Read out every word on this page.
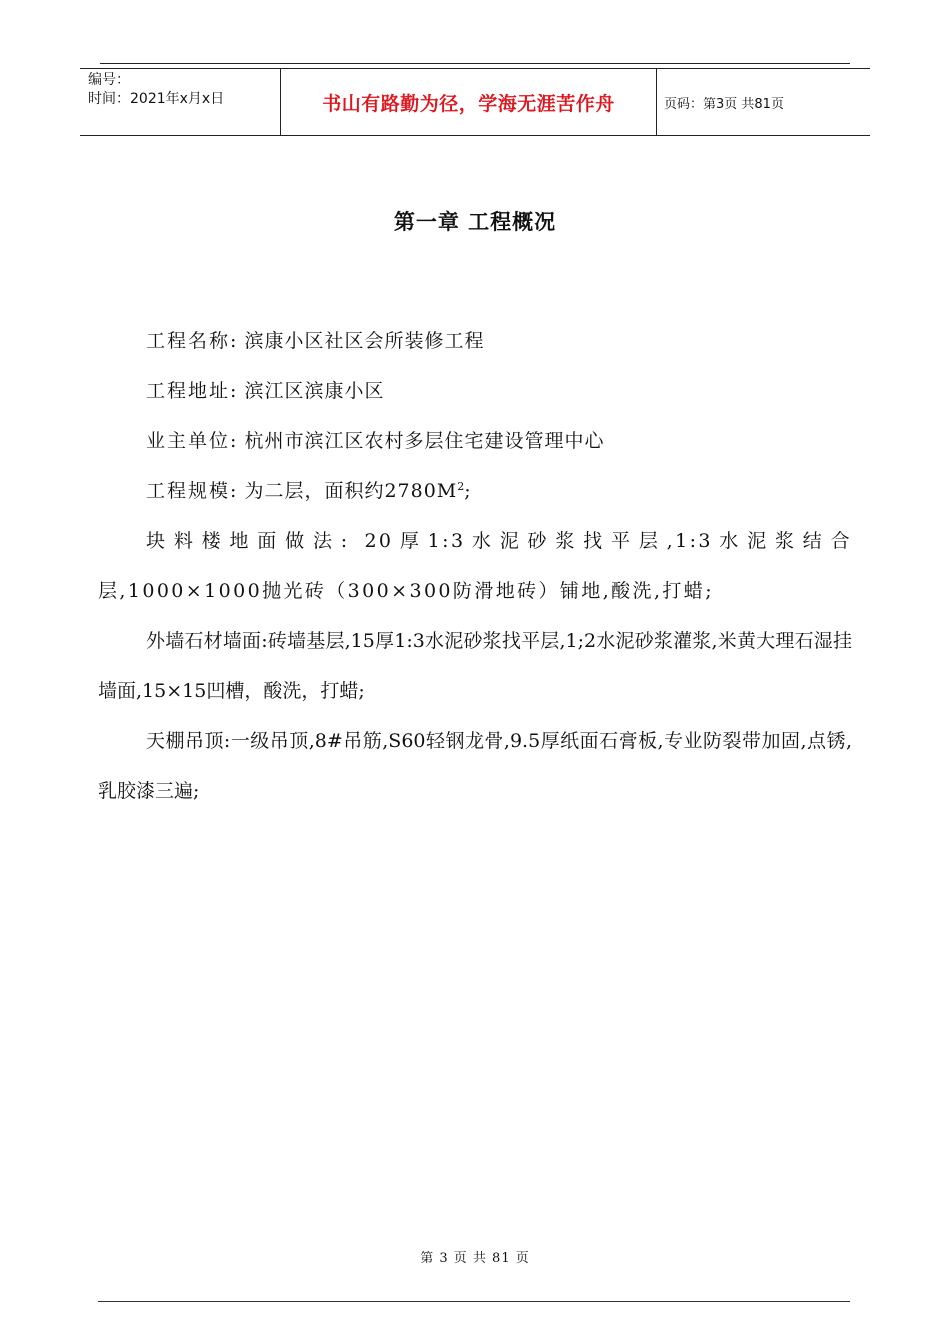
编号：
时间：2021年x月x日	书山有路勤为径，学海无涯苦作舟	页码：第3页 共81页
第一章 工程概况

工程名称: 滨康小区社区会所装修工程

工程地址: 滨江区滨康小区

业主单位: 杭州市滨江区农村多层住宅建设管理中心

工程规模: 为二层，面积约$2780M^2$;

块料楼地面做法: 20厚1:3水泥砂浆找平层,1:3水泥浆结合层,1000×1000抛光砖（300×300防滑地砖）铺地,酸洗,打蜡;

外墙石材墙面:砖墙基层,15厚1:3水泥砂浆找平层,1;2水泥砂浆灌浆,米黄大理石湿挂墙面,15×15凹槽，酸洗，打蜡;

天棚吊顶:一级吊顶,8#吊筋,S60轻钢龙骨,9.5厚纸面石膏板,专业防裂带加固,点锈,乳胶漆三遍;

第 3 页 共 81 页
